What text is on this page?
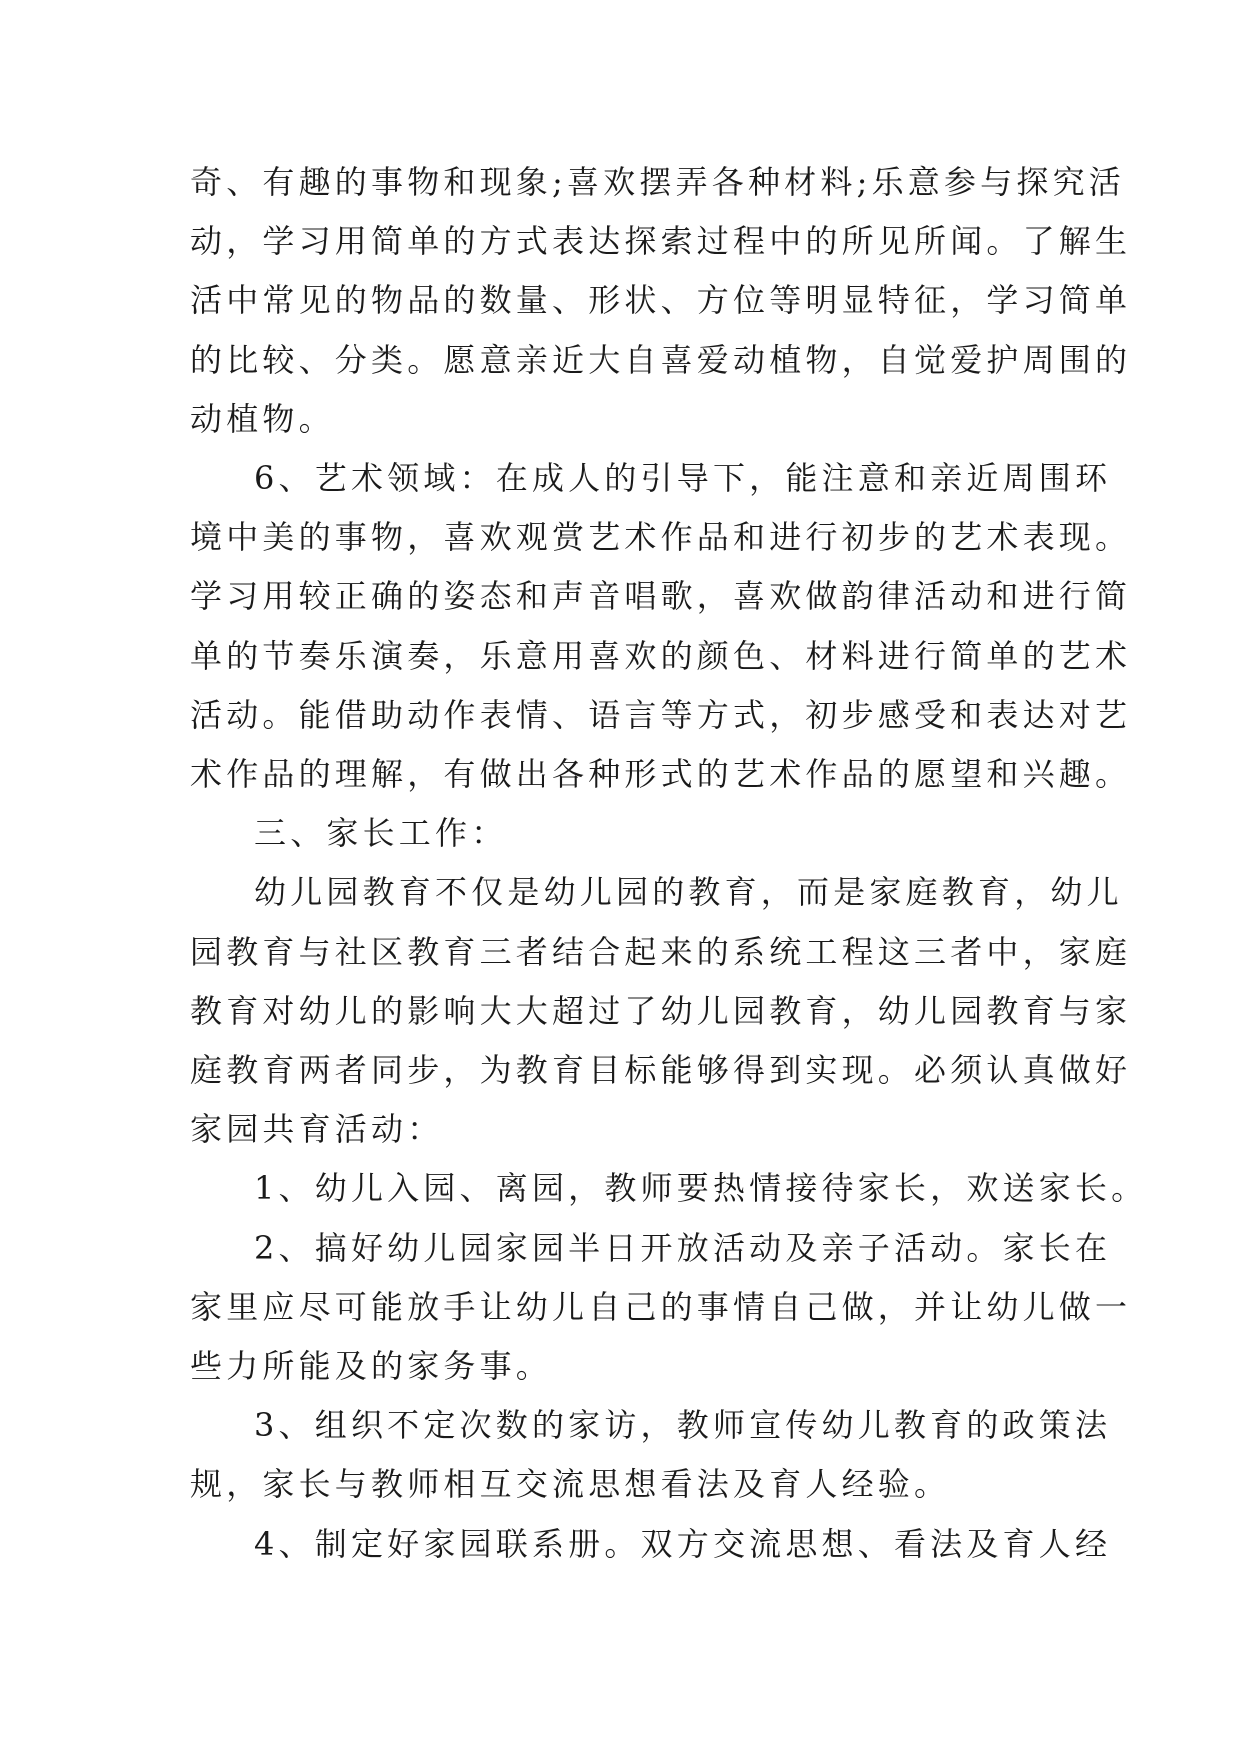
奇、有趣的事物和现象;喜欢摆弄各种材料;乐意参与探究活
动，学习用简单的方式表达探索过程中的所见所闻。了解生
活中常见的物品的数量、形状、方位等明显特征，学习简单
的比较、分类。愿意亲近大自喜爱动植物，自觉爱护周围的
动植物。
6、艺术领域：在成人的引导下，能注意和亲近周围环
境中美的事物，喜欢观赏艺术作品和进行初步的艺术表现。
学习用较正确的姿态和声音唱歌，喜欢做韵律活动和进行简
单的节奏乐演奏，乐意用喜欢的颜色、材料进行简单的艺术
活动。能借助动作表情、语言等方式，初步感受和表达对艺
术作品的理解，有做出各种形式的艺术作品的愿望和兴趣。
三、家长工作：
幼儿园教育不仅是幼儿园的教育，而是家庭教育，幼儿
园教育与社区教育三者结合起来的系统工程这三者中，家庭
教育对幼儿的影响大大超过了幼儿园教育，幼儿园教育与家
庭教育两者同步，为教育目标能够得到实现。必须认真做好
家园共育活动：
1、幼儿入园、离园，教师要热情接待家长，欢送家长。
2、搞好幼儿园家园半日开放活动及亲子活动。家长在
家里应尽可能放手让幼儿自己的事情自己做，并让幼儿做一
些力所能及的家务事。
3、组织不定次数的家访，教师宣传幼儿教育的政策法
规，家长与教师相互交流思想看法及育人经验。
4、制定好家园联系册。双方交流思想、看法及育人经
